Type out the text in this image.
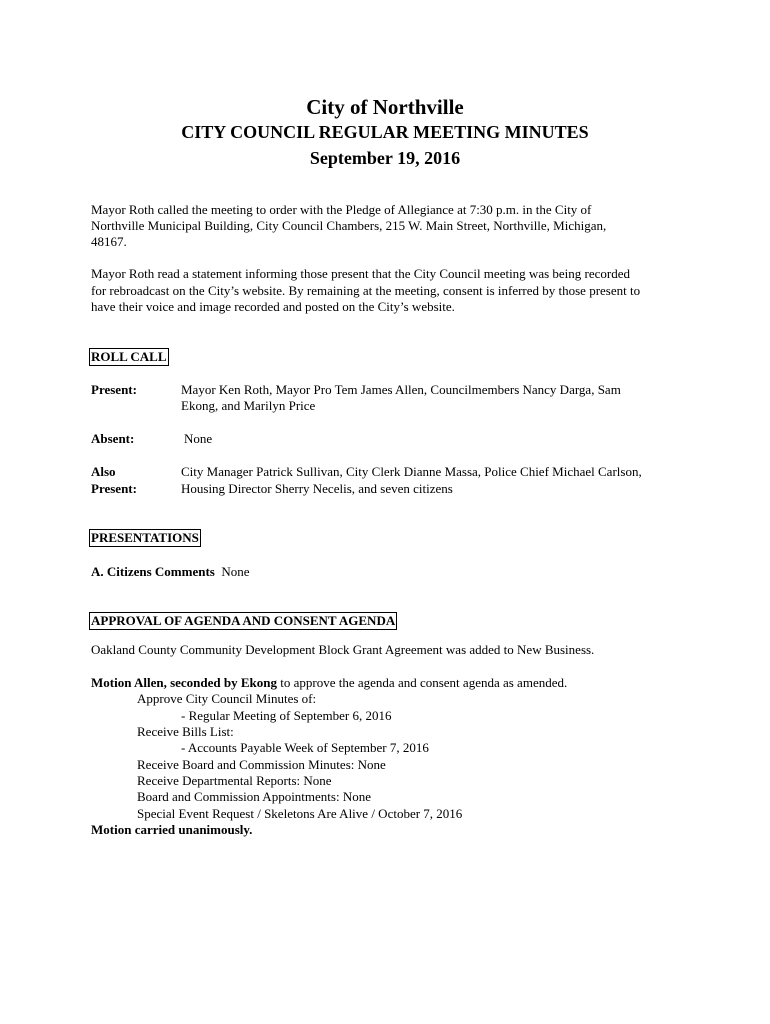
City of Northville
CITY COUNCIL REGULAR MEETING MINUTES
September 19, 2016
Mayor Roth called the meeting to order with the Pledge of Allegiance at 7:30 p.m. in the City of
Northville Municipal Building, City Council Chambers, 215 W. Main Street, Northville, Michigan,
48167.
Mayor Roth read a statement informing those present that the City Council meeting was being recorded
for rebroadcast on the City’s website. By remaining at the meeting, consent is inferred by those present to
have their voice and image recorded and posted on the City’s website.
ROLL CALL
Present:	Mayor Ken Roth, Mayor Pro Tem James Allen, Councilmembers Nancy Darga, Sam
Ekong, and Marilyn Price
Absent:	None
Also
Present:
City Manager Patrick Sullivan, City Clerk Dianne Massa, Police Chief Michael Carlson,
Housing Director Sherry Necelis, and seven citizens
PRESENTATIONS
A. Citizens Comments None
APPROVAL OF AGENDA AND CONSENT AGENDA
Oakland County Community Development Block Grant Agreement was added to New Business.
Motion Allen, seconded by Ekong to approve the agenda and consent agenda as amended.
Approve City Council Minutes of:
- Regular Meeting of September 6, 2016
Receive Bills List:
- Accounts Payable Week of September 7, 2016
Receive Board and Commission Minutes: None
Receive Departmental Reports: None
Board and Commission Appointments: None
Special Event Request / Skeletons Are Alive / October 7, 2016
Motion carried unanimously.
